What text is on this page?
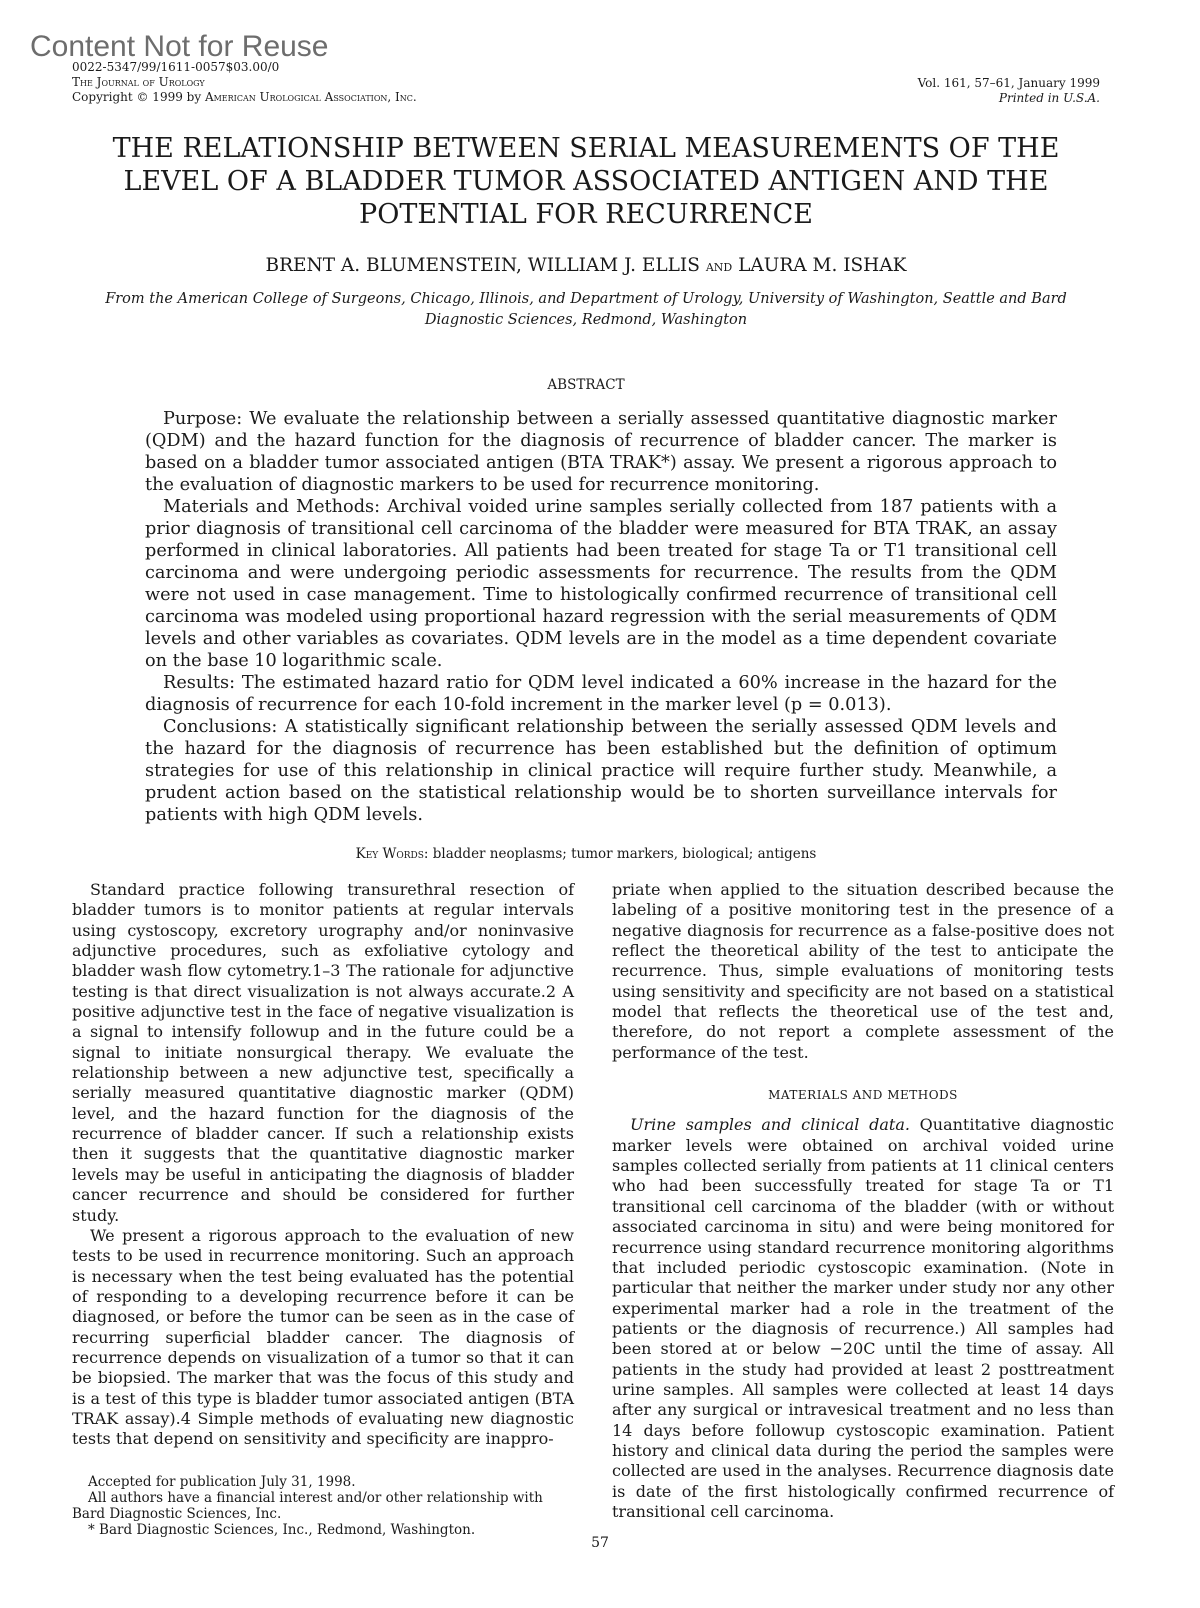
Content Not for Reuse
0022-5347/99/1611-0057$03.00/0
The Journal of Urology
Copyright © 1999 by American Urological Association, Inc.
Vol. 161, 57–61, January 1999
Printed in U.S.A.
THE RELATIONSHIP BETWEEN SERIAL MEASUREMENTS OF THE LEVEL OF A BLADDER TUMOR ASSOCIATED ANTIGEN AND THE POTENTIAL FOR RECURRENCE
BRENT A. BLUMENSTEIN, WILLIAM J. ELLIS and LAURA M. ISHAK
From the American College of Surgeons, Chicago, Illinois, and Department of Urology, University of Washington, Seattle and Bard Diagnostic Sciences, Redmond, Washington
ABSTRACT

Purpose: We evaluate the relationship between a serially assessed quantitative diagnostic marker (QDM) and the hazard function for the diagnosis of recurrence of bladder cancer. The marker is based on a bladder tumor associated antigen (BTA TRAK*) assay. We present a rigorous approach to the evaluation of diagnostic markers to be used for recurrence monitoring.

Materials and Methods: Archival voided urine samples serially collected from 187 patients with a prior diagnosis of transitional cell carcinoma of the bladder were measured for BTA TRAK, an assay performed in clinical laboratories. All patients had been treated for stage Ta or T1 transitional cell carcinoma and were undergoing periodic assessments for recurrence. The results from the QDM were not used in case management. Time to histologically confirmed recurrence of transitional cell carcinoma was modeled using proportional hazard regression with the serial measurements of QDM levels and other variables as covariates. QDM levels are in the model as a time dependent covariate on the base 10 logarithmic scale.

Results: The estimated hazard ratio for QDM level indicated a 60% increase in the hazard for the diagnosis of recurrence for each 10-fold increment in the marker level (p = 0.013).

Conclusions: A statistically significant relationship between the serially assessed QDM levels and the hazard for the diagnosis of recurrence has been established but the definition of optimum strategies for use of this relationship in clinical practice will require further study. Meanwhile, a prudent action based on the statistical relationship would be to shorten surveillance intervals for patients with high QDM levels.

Key Words: bladder neoplasms; tumor markers, biological; antigens

Standard practice following transurethral resection of bladder tumors is to monitor patients at regular intervals using cystoscopy, excretory urography and/or noninvasive adjunctive procedures, such as exfoliative cytology and bladder wash flow cytometry.1–3 The rationale for adjunctive testing is that direct visualization is not always accurate.2 A positive adjunctive test in the face of negative visualization is a signal to intensify followup and in the future could be a signal to initiate nonsurgical therapy. We evaluate the relationship between a new adjunctive test, specifically a serially measured quantitative diagnostic marker (QDM) level, and the hazard function for the diagnosis of the recurrence of bladder cancer. If such a relationship exists then it suggests that the quantitative diagnostic marker levels may be useful in anticipating the diagnosis of bladder cancer recurrence and should be considered for further study.

We present a rigorous approach to the evaluation of new tests to be used in recurrence monitoring. Such an approach is necessary when the test being evaluated has the potential of responding to a developing recurrence before it can be diagnosed, or before the tumor can be seen as in the case of recurring superficial bladder cancer. The diagnosis of recurrence depends on visualization of a tumor so that it can be biopsied. The marker that was the focus of this study and is a test of this type is bladder tumor associated antigen (BTA TRAK assay).4 Simple methods of evaluating new diagnostic tests that depend on sensitivity and specificity are inappro-

priate when applied to the situation described because the labeling of a positive monitoring test in the presence of a negative diagnosis for recurrence as a false-positive does not reflect the theoretical ability of the test to anticipate the recurrence. Thus, simple evaluations of monitoring tests using sensitivity and specificity are not based on a statistical model that reflects the theoretical use of the test and, therefore, do not report a complete assessment of the performance of the test.

MATERIALS AND METHODS

Urine samples and clinical data. Quantitative diagnostic marker levels were obtained on archival voided urine samples collected serially from patients at 11 clinical centers who had been successfully treated for stage Ta or T1 transitional cell carcinoma of the bladder (with or without associated carcinoma in situ) and were being monitored for recurrence using standard recurrence monitoring algorithms that included periodic cystoscopic examination. (Note in particular that neither the marker under study nor any other experimental marker had a role in the treatment of the patients or the diagnosis of recurrence.) All samples had been stored at or below −20C until the time of assay. All patients in the study had provided at least 2 posttreatment urine samples. All samples were collected at least 14 days after any surgical or intravesical treatment and no less than 14 days before followup cystoscopic examination. Patient history and clinical data during the period the samples were collected are used in the analyses. Recurrence diagnosis date is date of the first histologically confirmed recurrence of transitional cell carcinoma.

Accepted for publication July 31, 1998.

All authors have a financial interest and/or other relationship with Bard Diagnostic Sciences, Inc.

* Bard Diagnostic Sciences, Inc., Redmond, Washington.

57
